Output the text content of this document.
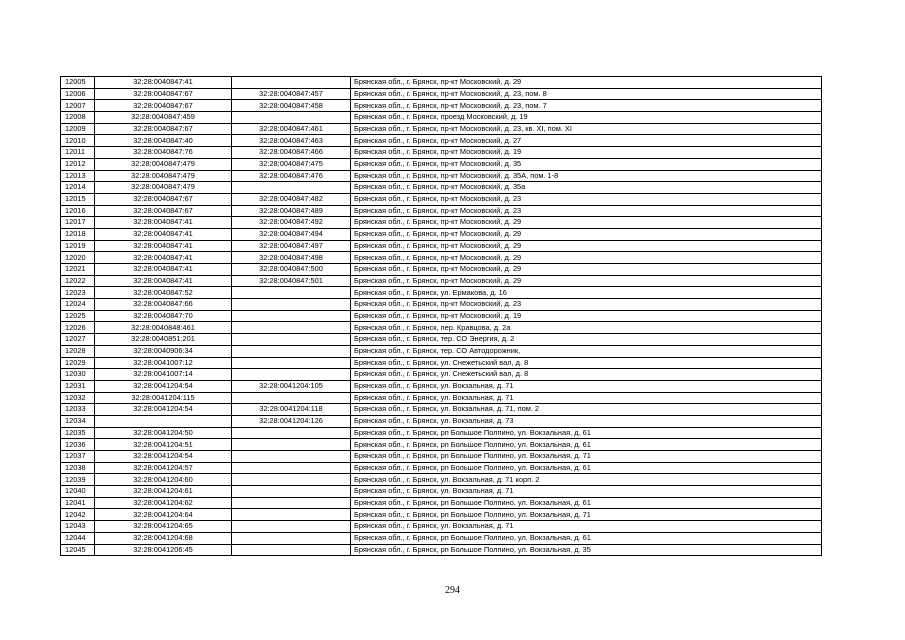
12005	32:28:0040847:41		Брянская обл., г. Брянск, пр-кт Московский, д. 29
12006	32:28:0040847:67	32:28:0040847:457	Брянская обл., г. Брянск, пр-кт Московский, д. 23, пом. 8
12007	32:28:0040847:67	32:28:0040847:458	Брянская обл., г. Брянск, пр-кт Московский, д. 23, пом. 7
12008	32:28:0040847:459		Брянская обл., г. Брянск, проезд Московский, д. 19
12009	32:28:0040847:67	32:28:0040847:461	Брянская обл., г. Брянск, пр-кт Московский, д. 23, кв. XI, пом. XI
12010	32:28:0040847:40	32:28:0040847:463	Брянская обл., г. Брянск, пр-кт Московский, д. 27
12011	32:28:0040847:76	32:28:0040847:466	Брянская обл., г. Брянск, пр-кт Московский, д. 19
12012	32:28:0040847:479	32:28:0040847:475	Брянская обл., г. Брянск, пр-кт Московский, д. 35
12013	32:28:0040847:479	32:28:0040847:476	Брянская обл., г. Брянск, пр-кт Московский, д. 35А, пом. 1-8
12014	32:28:0040847:479		Брянская обл., г. Брянск, пр-кт Московский, д. 35а
12015	32:28:0040847:67	32:28:0040847:482	Брянская обл., г. Брянск, пр-кт Московский, д. 23
12016	32:28:0040847:67	32:28:0040847:489	Брянская обл., г. Брянск, пр-кт Московский, д. 23
12017	32:28:0040847:41	32:28:0040847:492	Брянская обл., г. Брянск, пр-кт Московский, д. 29
12018	32:28:0040847:41	32:28:0040847:494	Брянская обл., г. Брянск, пр-кт Московский, д. 29
12019	32:28:0040847:41	32:28:0040847:497	Брянская обл., г. Брянск, пр-кт Московский, д. 29
12020	32:28:0040847:41	32:28:0040847:498	Брянская обл., г. Брянск, пр-кт Московский, д. 29
12021	32:28:0040847:41	32:28:0040847:500	Брянская обл., г. Брянск, пр-кт Московский, д. 29
12022	32:28:0040847:41	32:28:0040847:501	Брянская обл., г. Брянск, пр-кт Московский, д. 29
12023	32:28:0040847:52		Брянская обл., г. Брянск, ул. Ермакова, д. 16
12024	32:28:0040847:66		Брянская обл., г. Брянск, пр-кт Московский, д. 23
12025	32:28:0040847:70		Брянская обл., г. Брянск, пр-кт Московский, д. 19
12026	32:28:0040848:461		Брянская обл., г. Брянск, пер. Кравцова, д. 2а
12027	32:28:0040851:201		Брянская обл., г. Брянск, тер. СО Энергия, д. 2
12028	32:28:0040906:34		Брянская обл., г. Брянск, тер. СО Автодорожник,
12029	32:28:0041007:12		Брянская обл., г. Брянск, ул. Снежетьский вал, д. 8
12030	32:28:0041007:14		Брянская обл., г. Брянск, ул. Снежетьский вал, д. 8
12031	32:28:0041204:54	32:28:0041204:105	Брянская обл., г. Брянск, ул. Вокзальная, д. 71
12032	32:28:0041204:115		Брянская обл., г. Брянск, ул. Вокзальная, д. 71
12033	32:28:0041204:54	32:28:0041204:118	Брянская обл., г. Брянск, ул. Вокзальная, д. 71, пом. 2
12034		32:28:0041204:126	Брянская обл., г. Брянск, ул. Вокзальная, д. 73
12035	32:28:0041204:50		Брянская обл., г. Брянск, рп Большое Полпино, ул. Вокзальная, д. 61
12036	32:28:0041204:51		Брянская обл., г. Брянск, рп Большое Полпино, ул. Вокзальная, д. 61
12037	32:28:0041204:54		Брянская обл., г. Брянск, рп Большое Полпино, ул. Вокзальная, д. 71
12038	32:28:0041204:57		Брянская обл., г. Брянск, рп Большое Полпино, ул. Вокзальная, д. 61
12039	32:28:0041204:60		Брянская обл., г. Брянск, ул. Вокзальная, д. 71 корп. 2
12040	32:28:0041204:61		Брянская обл., г. Брянск, ул. Вокзальная, д. 71
12041	32:28:0041204:62		Брянская обл., г. Брянск, рп Большое Полпино, ул. Вокзальная, д. 61
12042	32:28:0041204:64		Брянская обл., г. Брянск, рп Большое Полпино, ул. Вокзальная, д. 71
12043	32:28:0041204:65		Брянская обл., г. Брянск, ул. Вокзальная, д. 71
12044	32:28:0041204:68		Брянская обл., г. Брянск, рп Большое Полпино, ул. Вокзальная, д. 61
12045	32:28:0041206:45		Брянская обл., г. Брянск, рп Большое Полпино, ул. Вокзальная, д. 35
294
